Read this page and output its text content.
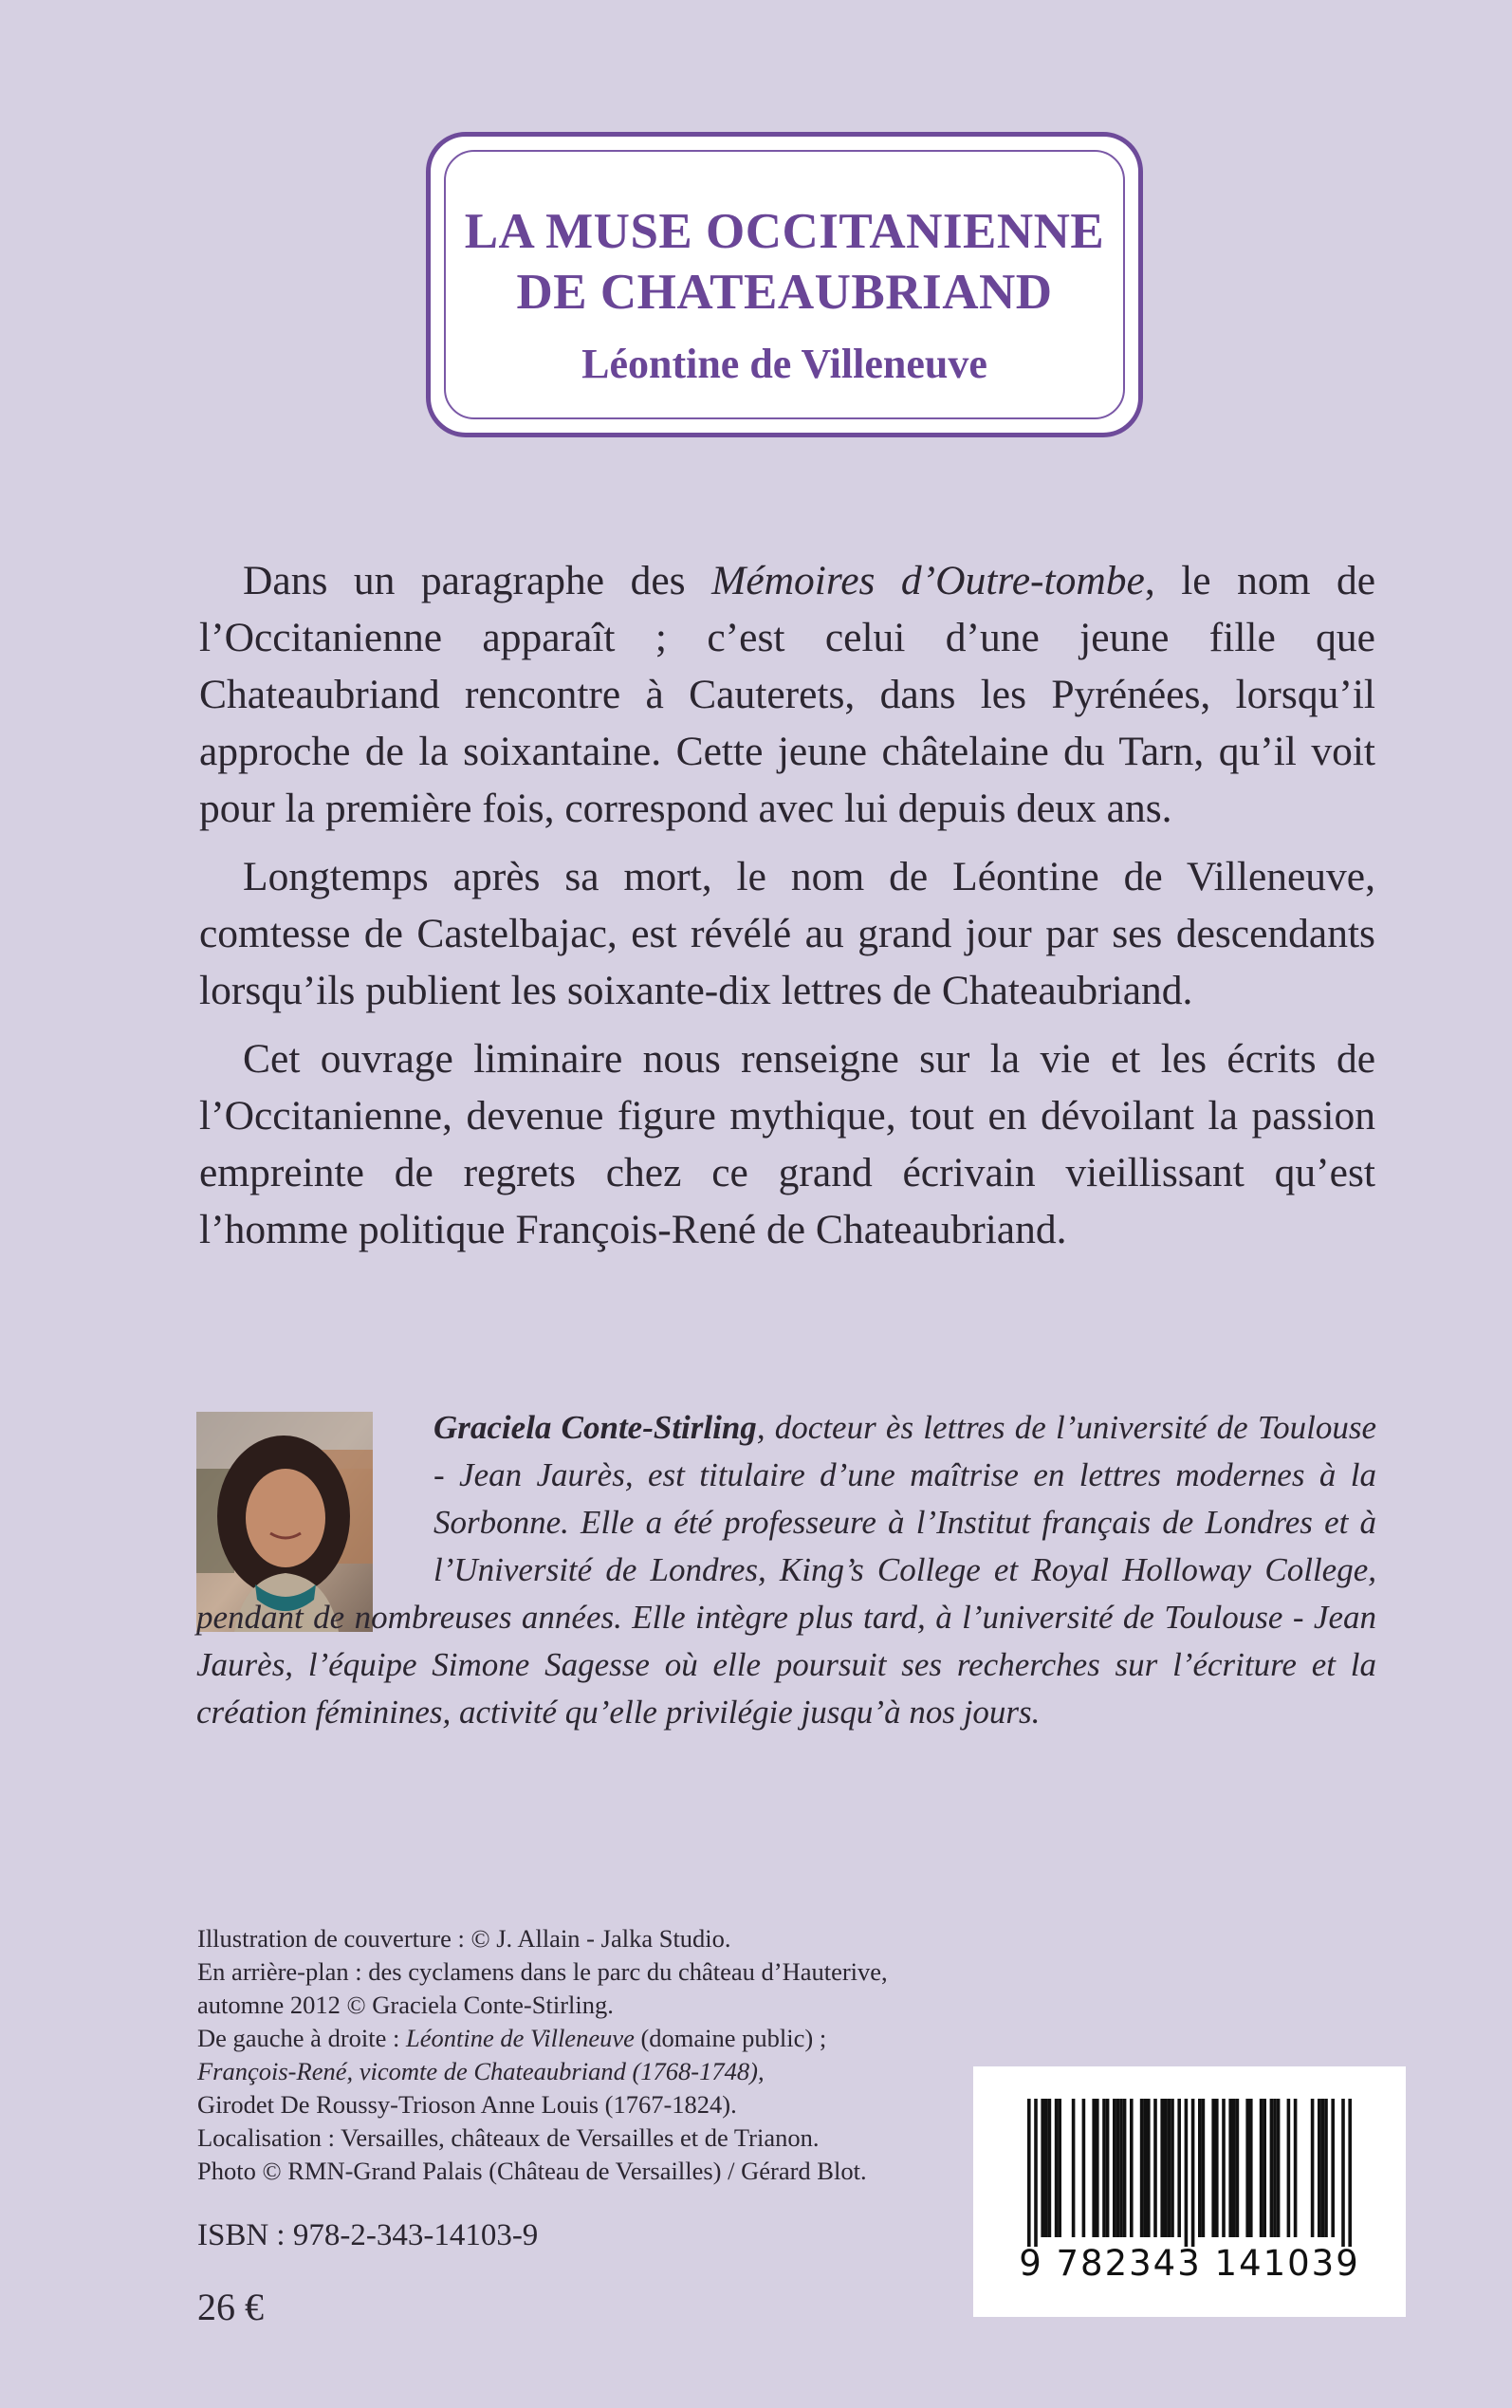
LA MUSE OCCITANIENNE
DE CHATEAUBRIAND
Léontine de Villeneuve

Dans un paragraphe des Mémoires d’Outre-tombe, le nom de l’Occitanienne apparaît ; c’est celui d’une jeune fille que Chateaubriand rencontre à Cauterets, dans les Pyrénées, lorsqu’il approche de la soixantaine. Cette jeune châtelaine du Tarn, qu’il voit pour la première fois, correspond avec lui depuis deux ans.

Longtemps après sa mort, le nom de Léontine de Villeneuve, comtesse de Castelbajac, est révélé au grand jour par ses descendants lorsqu’ils publient les soixante-dix lettres de Chateaubriand.

Cet ouvrage liminaire nous renseigne sur la vie et les écrits de l’Occitanienne, devenue figure mythique, tout en dévoilant la passion empreinte de regrets chez ce grand écrivain vieillissant qu’est l’homme politique François-René de Chateaubriand.

Graciela Conte-Stirling, docteur ès lettres de l’université de Toulouse - Jean Jaurès, est titulaire d’une maîtrise en lettres modernes à la Sorbonne. Elle a été professeure à l’Institut français de Londres et à l’Université de Londres, King’s College et Royal Holloway College, pendant de nombreuses années. Elle intègre plus tard, à l’université de Toulouse - Jean Jaurès, l’équipe Simone Sagesse où elle poursuit ses recherches sur l’écriture et la création féminines, activité qu’elle privilégie jusqu’à nos jours.
Illustration de couverture : © J. Allain - Jalka Studio.
En arrière-plan : des cyclamens dans le parc du château d’Hauterive,
automne 2012 © Graciela Conte-Stirling.
De gauche à droite : Léontine de Villeneuve (domaine public) ;
François-René, vicomte de Chateaubriand (1768-1748),
Girodet De Roussy-Trioson Anne Louis (1767-1824).
Localisation : Versailles, châteaux de Versailles et de Trianon.
Photo © RMN-Grand Palais (Château de Versailles) / Gérard Blot.
ISBN : 978-2-343-14103-9
26 €
9 782343 141039
